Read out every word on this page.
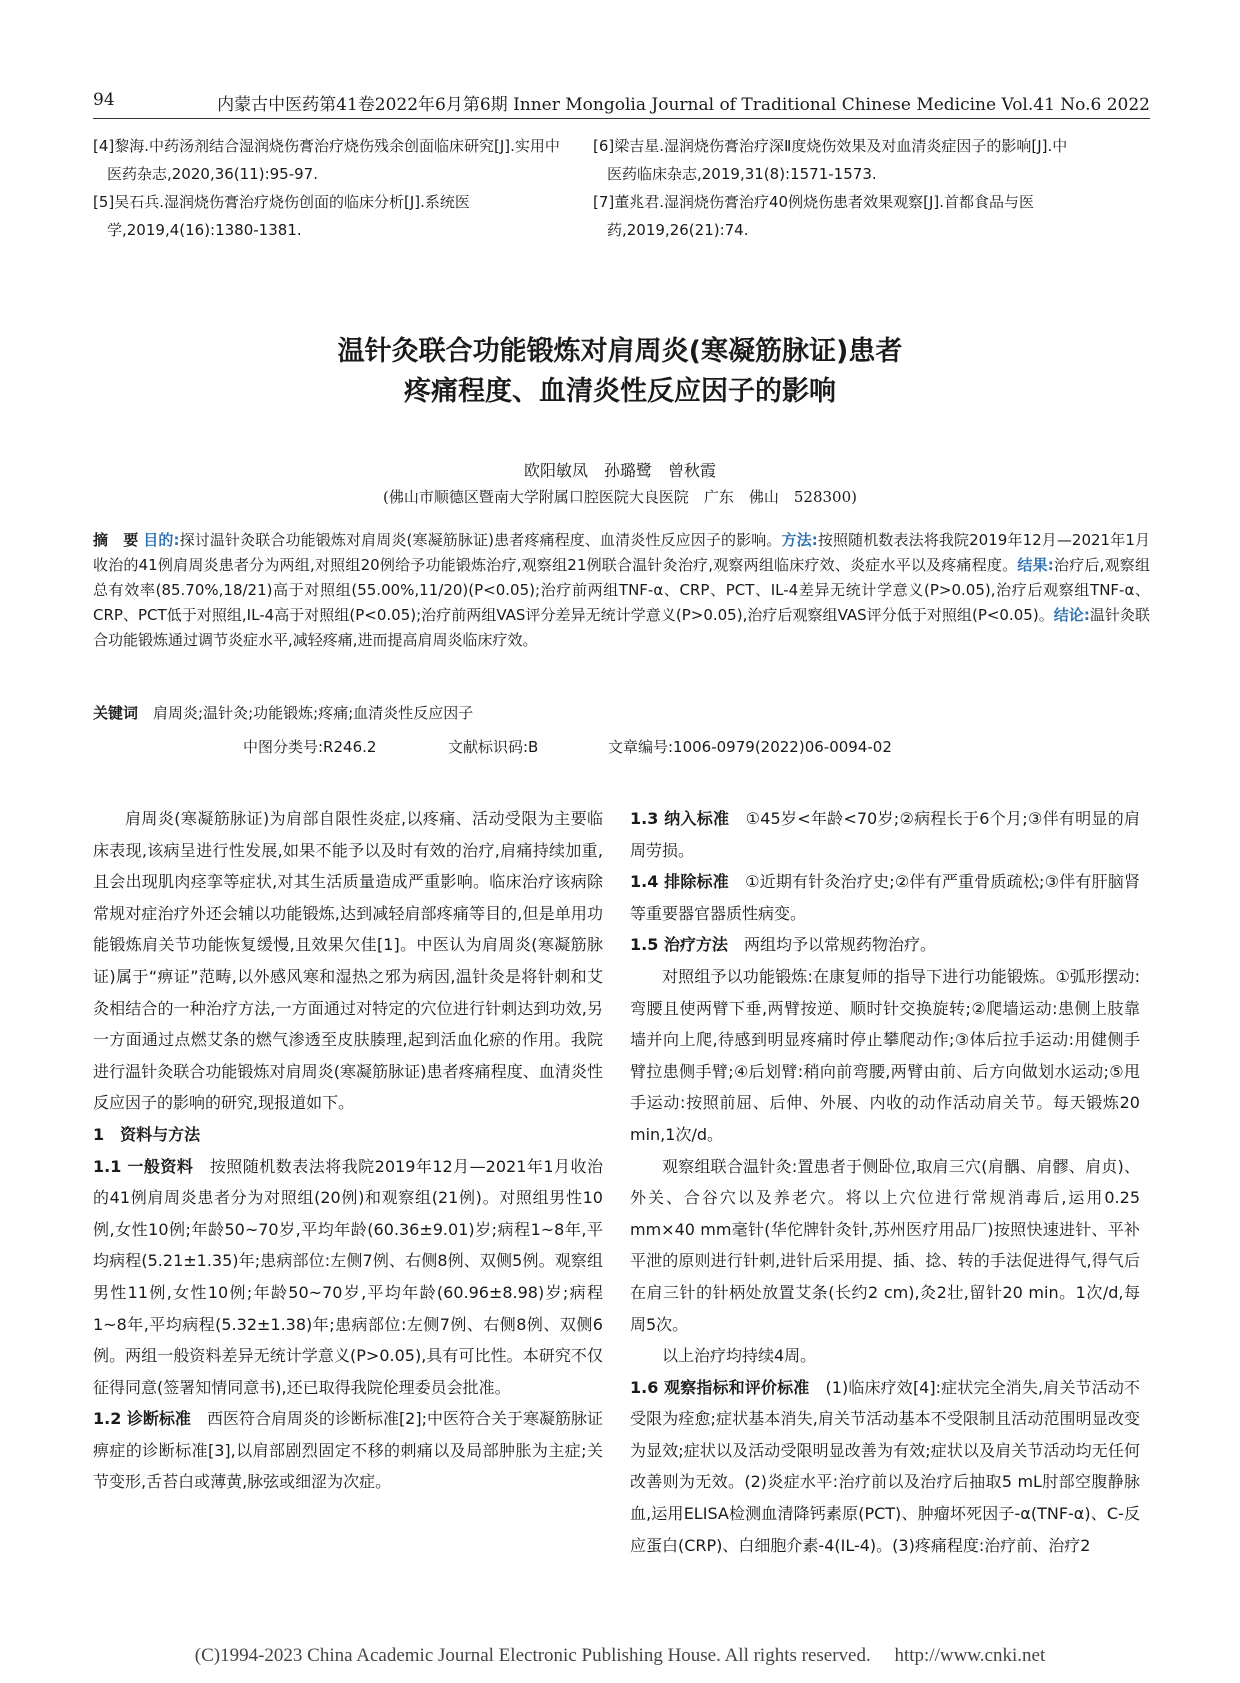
94	内蒙古中医药第41卷2022年6月第6期 Inner Mongolia Journal of Traditional Chinese Medicine Vol.41 No.6 2022

[4]黎海.中药汤剂结合湿润烧伤膏治疗烧伤残余创面临床研究[J].实用中医药杂志,2020,36(11):95-97.

[5]吴石兵.湿润烧伤膏治疗烧伤创面的临床分析[J].系统医学,2019,4(16):1380-1381.

[6]梁吉星.湿润烧伤膏治疗深Ⅱ度烧伤效果及对血清炎症因子的影响[J].中医药临床杂志,2019,31(8):1571-1573.

[7]董兆君.湿润烧伤膏治疗40例烧伤患者效果观察[J].首都食品与医药,2019,26(21):74.

温针灸联合功能锻炼对肩周炎(寒凝筋脉证)患者
疼痛程度、血清炎性反应因子的影响
欧阳敏凤　孙璐鹭　曾秋霞
(佛山市顺德区暨南大学附属口腔医院大良医院　广东　佛山　528300)
摘　要 目的:探讨温针灸联合功能锻炼对肩周炎(寒凝筋脉证)患者疼痛程度、血清炎性反应因子的影响。方法:按照随机数表法将我院2019年12月—2021年1月收治的41例肩周炎患者分为两组,对照组20例给予功能锻炼治疗,观察组21例联合温针灸治疗,观察两组临床疗效、炎症水平以及疼痛程度。结果:治疗后,观察组总有效率(85.70%,18/21)高于对照组(55.00%,11/20)(P<0.05);治疗前两组TNF-α、CRP、PCT、IL-4差异无统计学意义(P>0.05),治疗后观察组TNF-α、CRP、PCT低于对照组,IL-4高于对照组(P<0.05);治疗前两组VAS评分差异无统计学意义(P>0.05),治疗后观察组VAS评分低于对照组(P<0.05)。结论:温针灸联合功能锻炼通过调节炎症水平,减轻疼痛,进而提高肩周炎临床疗效。
关键词　 肩周炎;温针灸;功能锻炼;疼痛;血清炎性反应因子
中图分类号:R246.2	文献标识码:B	文章编号:1006-0979(2022)06-0094-02

肩周炎(寒凝筋脉证)为肩部自限性炎症,以疼痛、活动受限为主要临床表现,该病呈进行性发展,如果不能予以及时有效的治疗,肩痛持续加重,且会出现肌肉痉挛等症状,对其生活质量造成严重影响。临床治疗该病除常规对症治疗外还会辅以功能锻炼,达到减轻肩部疼痛等目的,但是单用功能锻炼肩关节功能恢复缓慢,且效果欠佳[1]。中医认为肩周炎(寒凝筋脉证)属于“痹证”范畴,以外感风寒和湿热之邪为病因,温针灸是将针刺和艾灸相结合的一种治疗方法,一方面通过对特定的穴位进行针刺达到功效,另一方面通过点燃艾条的燃气渗透至皮肤腠理,起到活血化瘀的作用。我院进行温针灸联合功能锻炼对肩周炎(寒凝筋脉证)患者疼痛程度、血清炎性反应因子的影响的研究,现报道如下。

1　资料与方法

1.1 一般资料　 按照随机数表法将我院2019年12月—2021年1月收治的41例肩周炎患者分为对照组(20例)和观察组(21例)。对照组男性10例,女性10例;年龄50~70岁,平均年龄(60.36±9.01)岁;病程1~8年,平均病程(5.21±1.35)年;患病部位:左侧7例、右侧8例、双侧5例。观察组男性11例,女性10例;年龄50~70岁,平均年龄(60.96±8.98)岁;病程1~8年,平均病程(5.32±1.38)年;患病部位:左侧7例、右侧8例、双侧6例。两组一般资料差异无统计学意义(P>0.05),具有可比性。本研究不仅征得同意(签署知情同意书),还已取得我院伦理委员会批准。

1.2 诊断标准　 西医符合肩周炎的诊断标准[2];中医符合关于寒凝筋脉证痹症的诊断标准[3],以肩部剧烈固定不移的刺痛以及局部肿胀为主症;关节变形,舌苔白或薄黄,脉弦或细涩为次症。

1.3 纳入标准　 ①45岁<年龄<70岁;②病程长于6个月;③伴有明显的肩周劳损。

1.4 排除标准　 ①近期有针灸治疗史;②伴有严重骨质疏松;③伴有肝脑肾等重要器官器质性病变。

1.5 治疗方法　 两组均予以常规药物治疗。

对照组予以功能锻炼:在康复师的指导下进行功能锻炼。①弧形摆动:弯腰且使两臂下垂,两臂按逆、顺时针交换旋转;②爬墙运动:患侧上肢靠墙并向上爬,待感到明显疼痛时停止攀爬动作;③体后拉手运动:用健侧手臂拉患侧手臂;④后划臂:稍向前弯腰,两臂由前、后方向做划水运动;⑤甩手运动:按照前屈、后伸、外展、内收的动作活动肩关节。每天锻炼20 min,1次/d。

观察组联合温针灸:置患者于侧卧位,取肩三穴(肩髃、肩髎、肩贞)、外关、合谷穴以及养老穴。将以上穴位进行常规消毒后,运用0.25 mm×40 mm毫针(华佗牌针灸针,苏州医疗用品厂)按照快速进针、平补平泄的原则进行针刺,进针后采用提、插、捻、转的手法促进得气,得气后在肩三针的针柄处放置艾条(长约2 cm),灸2壮,留针20 min。1次/d,每周5次。

以上治疗均持续4周。

1.6 观察指标和评价标准　 (1)临床疗效[4]:症状完全消失,肩关节活动不受限为痊愈;症状基本消失,肩关节活动基本不受限制且活动范围明显改变为显效;症状以及活动受限明显改善为有效;症状以及肩关节活动均无任何改善则为无效。(2)炎症水平:治疗前以及治疗后抽取5 mL肘部空腹静脉血,运用ELISA检测血清降钙素原(PCT)、肿瘤坏死因子-α(TNF-α)、C-反应蛋白(CRP)、白细胞介素-4(IL-4)。(3)疼痛程度:治疗前、治疗2

(C)1994-2023 China Academic Journal Electronic Publishing House. All rights reserved.　 http://www.cnki.net
